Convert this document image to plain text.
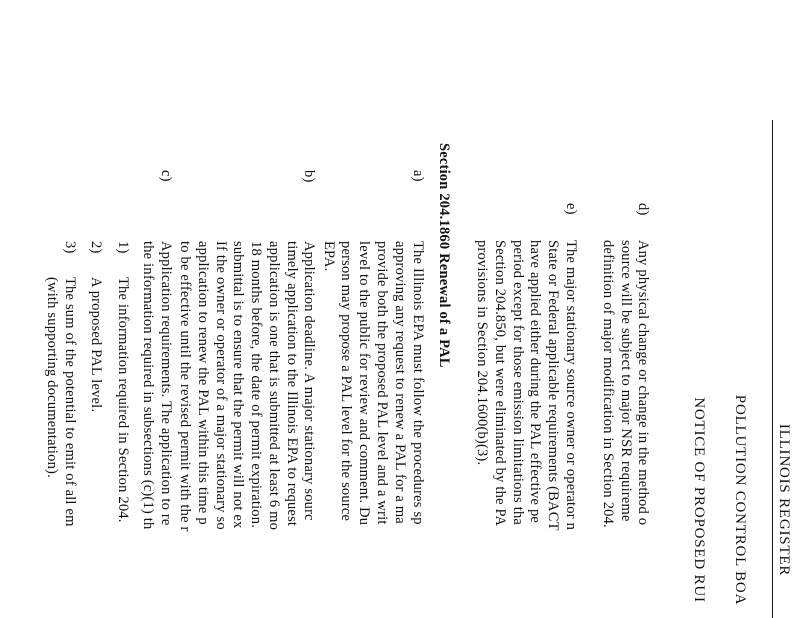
ILLINOIS REGISTER
POLLUTION CONTROL BOA
NOTICE OF PROPOSED RUI
d)
Any physical change or change in the method o
source will be subject to major NSR requireme
definition of major modification in Section 204.
e)
The major stationary source owner or operator n
State or Federal applicable requirements (BACT
have applied either during the PAL effective pe
period except for those emission limitations tha
Section 204.850, but were eliminated by the PA
provisions in Section 204.1600(b)(3).
Section 204.1860 Renewal of a PAL
a)
The Illinois EPA must follow the procedures sp
approving any request to renew a PAL for a ma
provide both the proposed PAL level and a writ
level to the public for review and comment. Du
person may propose a PAL level for the source
EPA.
b)
Application deadline. A major stationary sourc
timely application to the Illinois EPA to request
application is one that is submitted at least 6 mo
18 months before, the date of permit expiration.
submittal is to ensure that the permit will not ex
If the owner or operator of a major stationary so
application to renew the PAL within this time p
to be effective until the revised permit with the r
c)
Application requirements. The application to re
the information required in subsections (c)(1) th
1)
The information required in Section 204.
2)
A proposed PAL level.
3)
The sum of the potential to emit of all em
(with supporting documentation).
